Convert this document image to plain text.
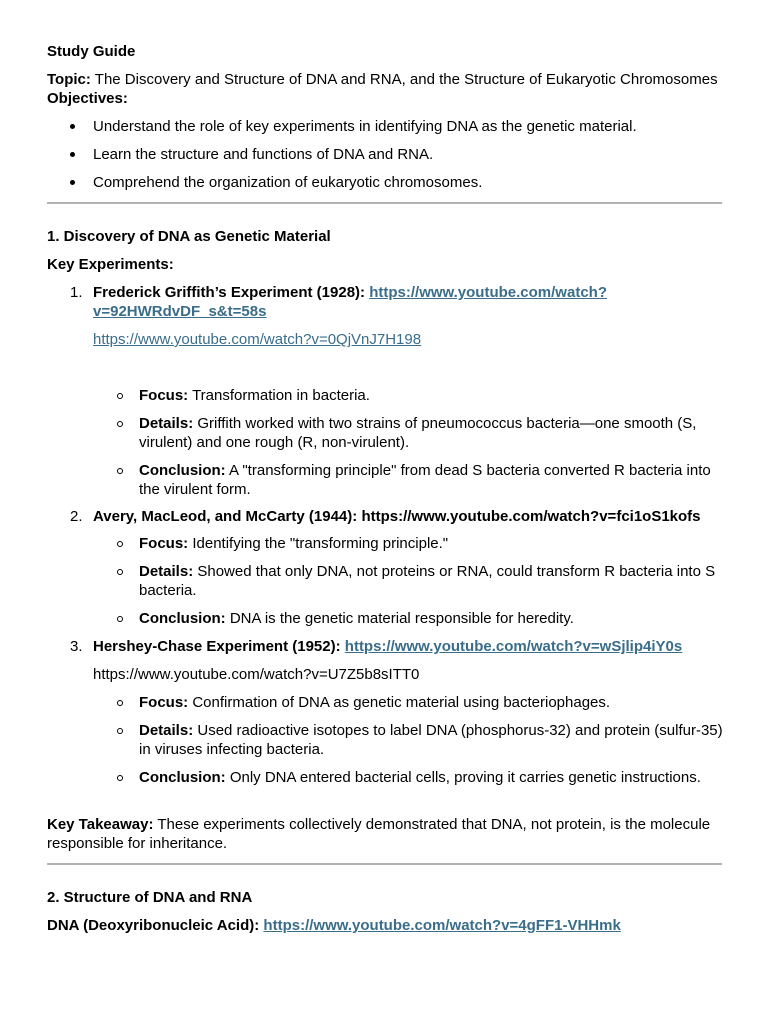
Study Guide

Topic: The Discovery and Structure of DNA and RNA, and the Structure of Eukaryotic Chromosomes

Objectives:

Understand the role of key experiments in identifying DNA as the genetic material.
Learn the structure and functions of DNA and RNA.
Comprehend the organization of eukaryotic chromosomes.

1. Discovery of DNA as Genetic Material

Key Experiments:

1. Frederick Griffith’s Experiment (1928): https://www.youtube.com/watch?v=92HWRdvDF_s&t=58s

https://www.youtube.com/watch?v=0QjVnJ7H198

Focus: Transformation in bacteria.
Details: Griffith worked with two strains of pneumococcus bacteria—one smooth (S, virulent) and one rough (R, non-virulent).
Conclusion: A "transforming principle" from dead S bacteria converted R bacteria into the virulent form.
2. Avery, MacLeod, and McCarty (1944): https://www.youtube.com/watch?v=fci1oS1kofs
Focus: Identifying the "transforming principle."
Details: Showed that only DNA, not proteins or RNA, could transform R bacteria into S bacteria.
Conclusion: DNA is the genetic material responsible for heredity.
3. Hershey-Chase Experiment (1952): https://www.youtube.com/watch?v=wSjlip4iY0s

https://www.youtube.com/watch?v=U7Z5b8sITT0

Focus: Confirmation of DNA as genetic material using bacteriophages.
Details: Used radioactive isotopes to label DNA (phosphorus-32) and protein (sulfur-35) in viruses infecting bacteria.
Conclusion: Only DNA entered bacterial cells, proving it carries genetic instructions.

Key Takeaway: These experiments collectively demonstrated that DNA, not protein, is the molecule responsible for inheritance.

2. Structure of DNA and RNA

DNA (Deoxyribonucleic Acid): https://www.youtube.com/watch?v=4gFF1-VHHmk
